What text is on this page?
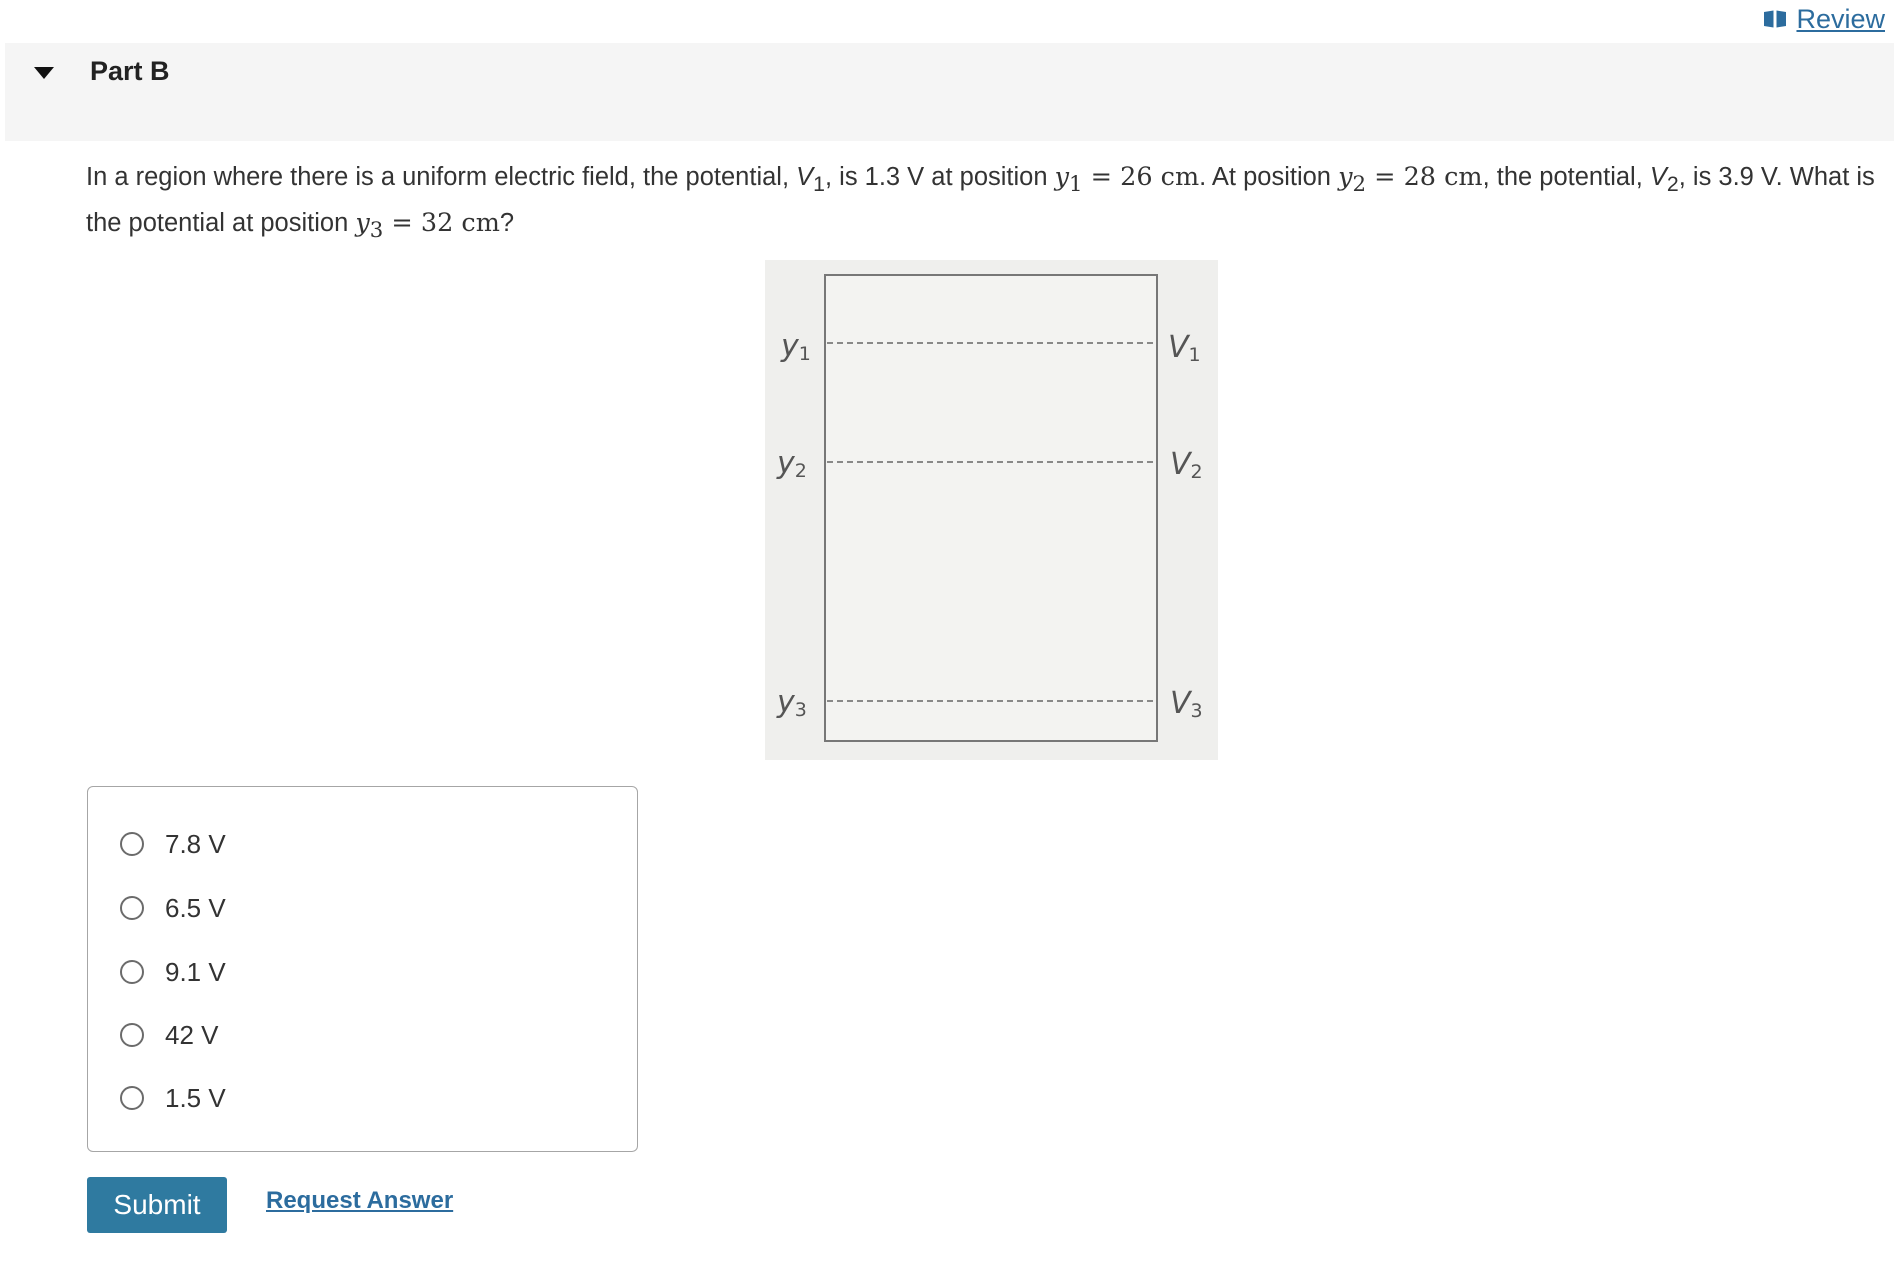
Review
Part B
In a region where there is a uniform electric field, the potential, $V_1$, is 1.3 V at position $y_1 = 26$ cm. At position $y_2 = 28$ cm, the potential, $V_2$, is 3.9 V. What is the potential at position $y_3 = 32$ cm?
y1
y2
y3
V1
V2
V3
7.8 V
6.5 V
9.1 V
42 V
1.5 V
Submit	Request Answer
